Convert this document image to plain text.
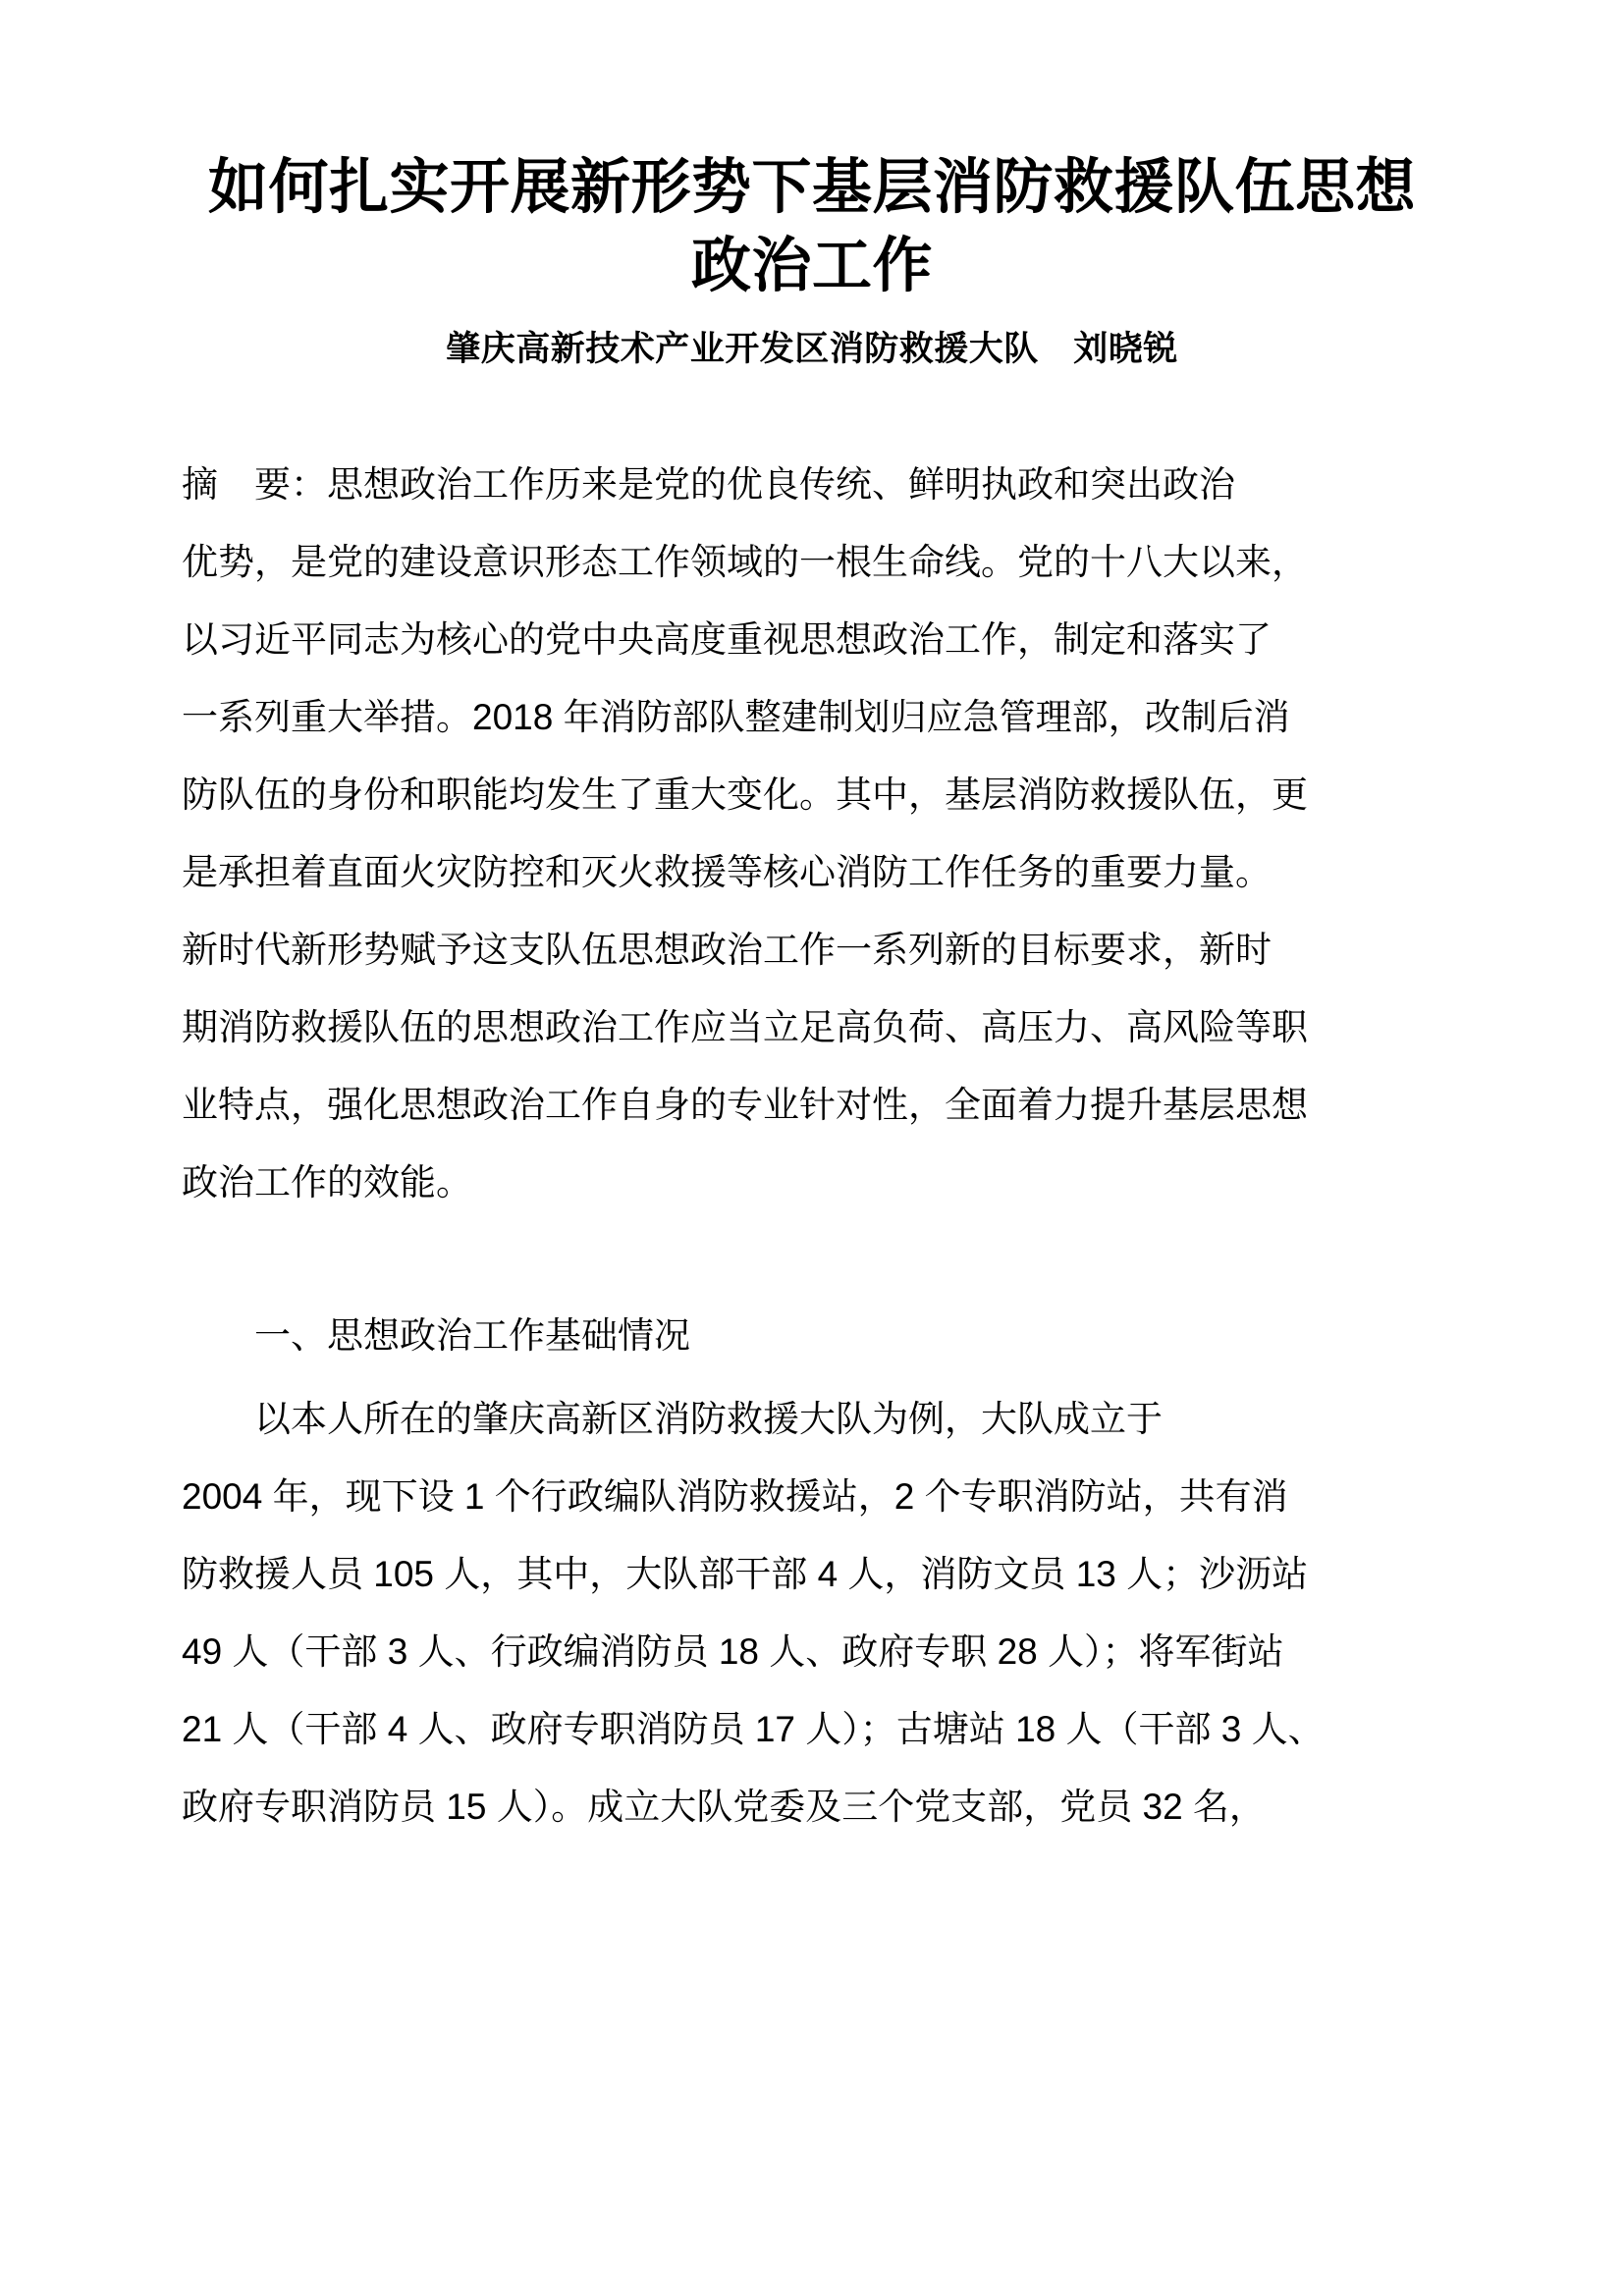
如何扎实开展新形势下基层消防救援队伍思想
政治工作
肇庆高新技术产业开发区消防救援大队　刘晓锐
摘　要：思想政治工作历来是党的优良传统、鲜明执政和突出政治
优势，是党的建设意识形态工作领域的一根生命线。党的十八大以来，
以习近平同志为核心的党中央高度重视思想政治工作，制定和落实了
一系列重大举措。2018 年消防部队整建制划归应急管理部，改制后消
防队伍的身份和职能均发生了重大变化。其中，基层消防救援队伍，更
是承担着直面火灾防控和灭火救援等核心消防工作任务的重要力量。
新时代新形势赋予这支队伍思想政治工作一系列新的目标要求，新时
期消防救援队伍的思想政治工作应当立足高负荷、高压力、高风险等职
业特点，强化思想政治工作自身的专业针对性，全面着力提升基层思想
政治工作的效能。
一、思想政治工作基础情况
　　以本人所在的肇庆高新区消防救援大队为例，大队成立于
2004 年，现下设 1 个行政编队消防救援站，2 个专职消防站，共有消
防救援人员 105 人，其中，大队部干部 4 人，消防文员 13 人；沙沥站
49 人（干部 3 人、行政编消防员 18 人、政府专职 28 人）；将军街站
21 人（干部 4 人、政府专职消防员 17 人）；古塘站 18 人（干部 3 人、
政府专职消防员 15 人）。成立大队党委及三个党支部，党员 32 名，
